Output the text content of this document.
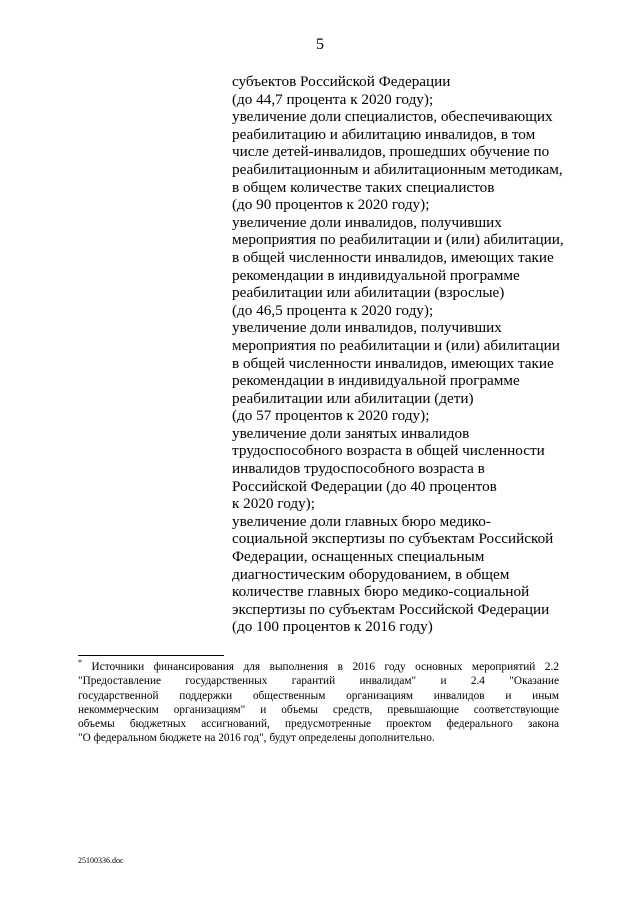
5
субъектов Российской Федерации
(до 44,7 процента к 2020 году);
увеличение доли специалистов, обеспечивающих
реабилитацию и абилитацию инвалидов, в том
числе детей-инвалидов, прошедших обучение по
реабилитационным и абилитационным методикам,
в общем количестве таких специалистов
(до 90 процентов к 2020 году);
увеличение доли инвалидов, получивших
мероприятия по реабилитации и (или) абилитации,
в общей численности инвалидов, имеющих такие
рекомендации в индивидуальной программе
реабилитации или абилитации (взрослые)
(до 46,5 процента к 2020 году);
увеличение доли инвалидов, получивших
мероприятия по реабилитации и (или) абилитации
в общей численности инвалидов, имеющих такие
рекомендации в индивидуальной программе
реабилитации или абилитации (дети)
(до 57 процентов к 2020 году);
увеличение доли занятых инвалидов
трудоспособного возраста в общей численности
инвалидов трудоспособного возраста в
Российской Федерации (до 40 процентов
к 2020 году);
увеличение доли главных бюро медико-
социальной экспертизы по субъектам Российской
Федерации, оснащенных специальным
диагностическим оборудованием, в общем
количестве главных бюро медико-социальной
экспертизы по субъектам Российской Федерации
(до 100 процентов к 2016 году)
* Источники финансирования для выполнения в 2016 году основных мероприятий 2.2
"Предоставление государственных гарантий инвалидам" и 2.4 "Оказание
государственной поддержки общественным организациям инвалидов и иным
некоммерческим организациям" и объемы средств, превышающие соответствующие
объемы бюджетных ассигнований, предусмотренные проектом федерального закона
"О федеральном бюджете на 2016 год", будут определены дополнительно.
25100336.doc
